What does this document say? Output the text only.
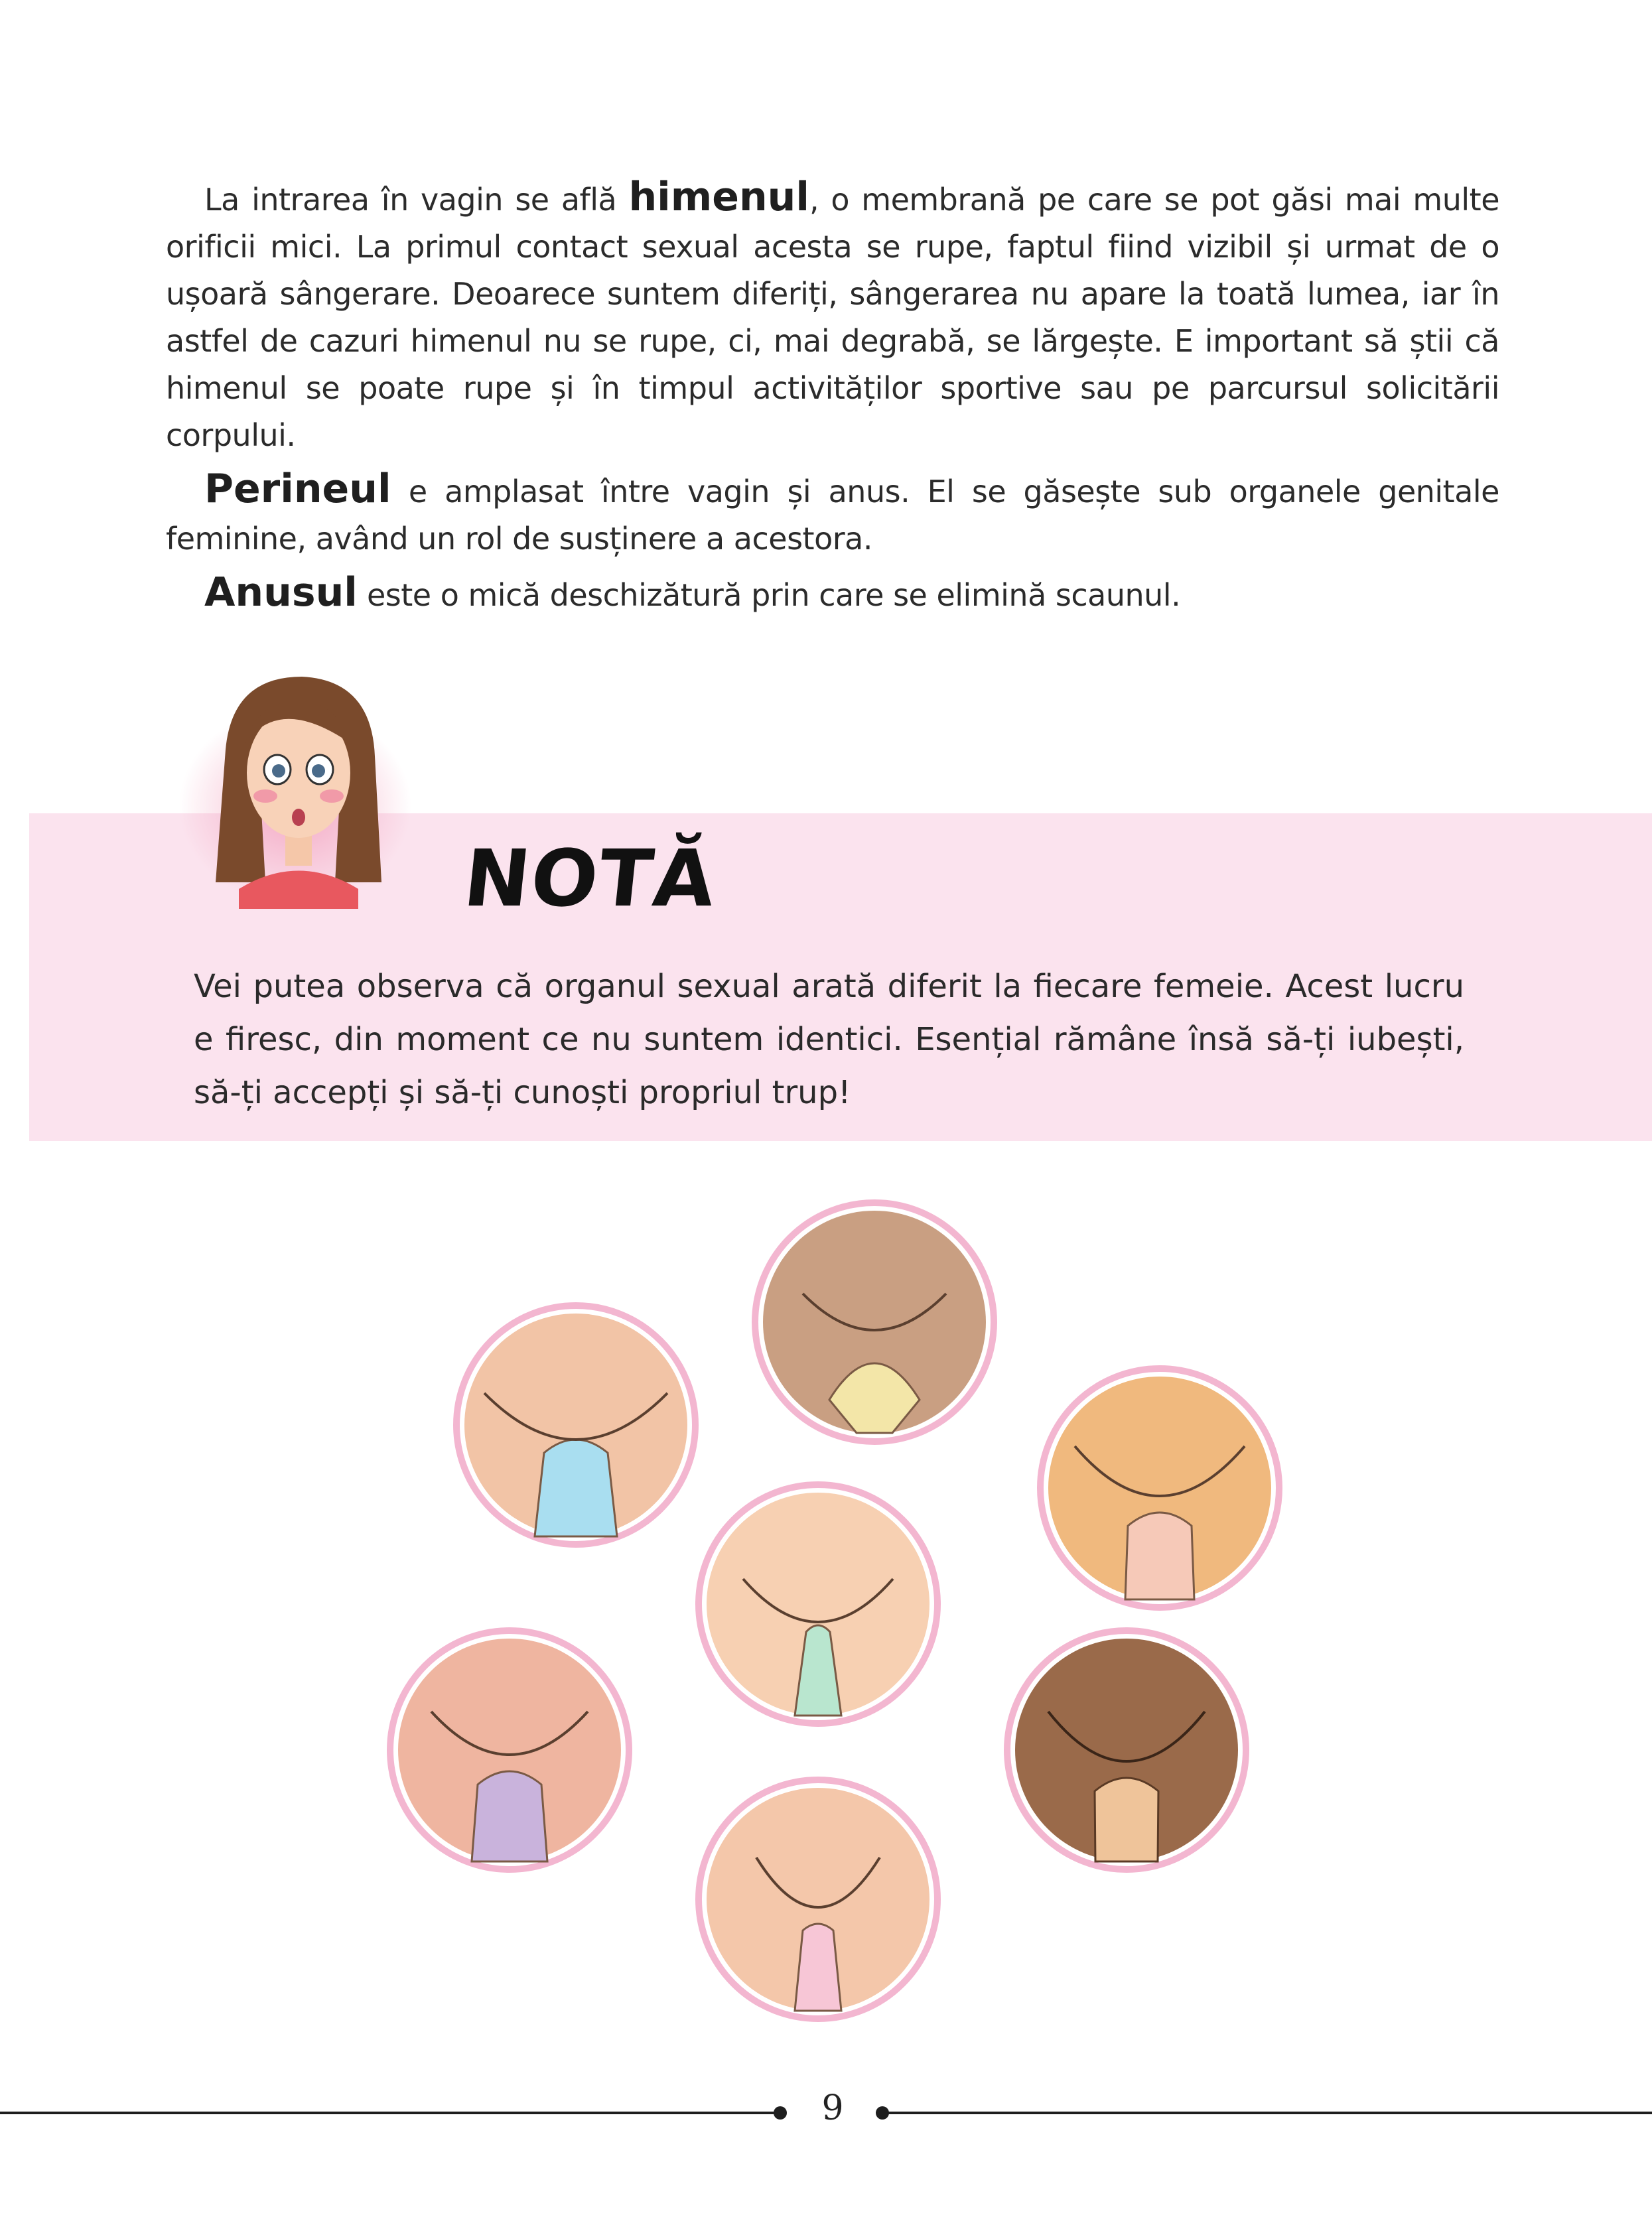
La intrarea în vagin se află himenul, o membrană pe care se pot găsi mai multe orificii mici. La primul contact sexual acesta se rupe, faptul fiind vizibil și urmat de o ușoară sângerare. Deoarece suntem diferiți, sângerarea nu apare la toată lumea, iar în astfel de cazuri himenul nu se rupe, ci, mai degrabă, se lărgește. E important să știi că himenul se poate rupe și în timpul activităților sportive sau pe parcursul solicitării corpului.

Perineul e amplasat între vagin și anus. El se găsește sub organele genitale feminine, având un rol de susținere a acestora.

Anusul este o mică deschizătură prin care se elimină scaunul.

NOTĂ
Vei putea observa că organul sexual arată diferit la fiecare femeie. Acest lucru e firesc, din moment ce nu suntem identici. Esențial rămâne însă să-ți iubești, să-ți accepți și să-ți cunoști propriul trup!
9
